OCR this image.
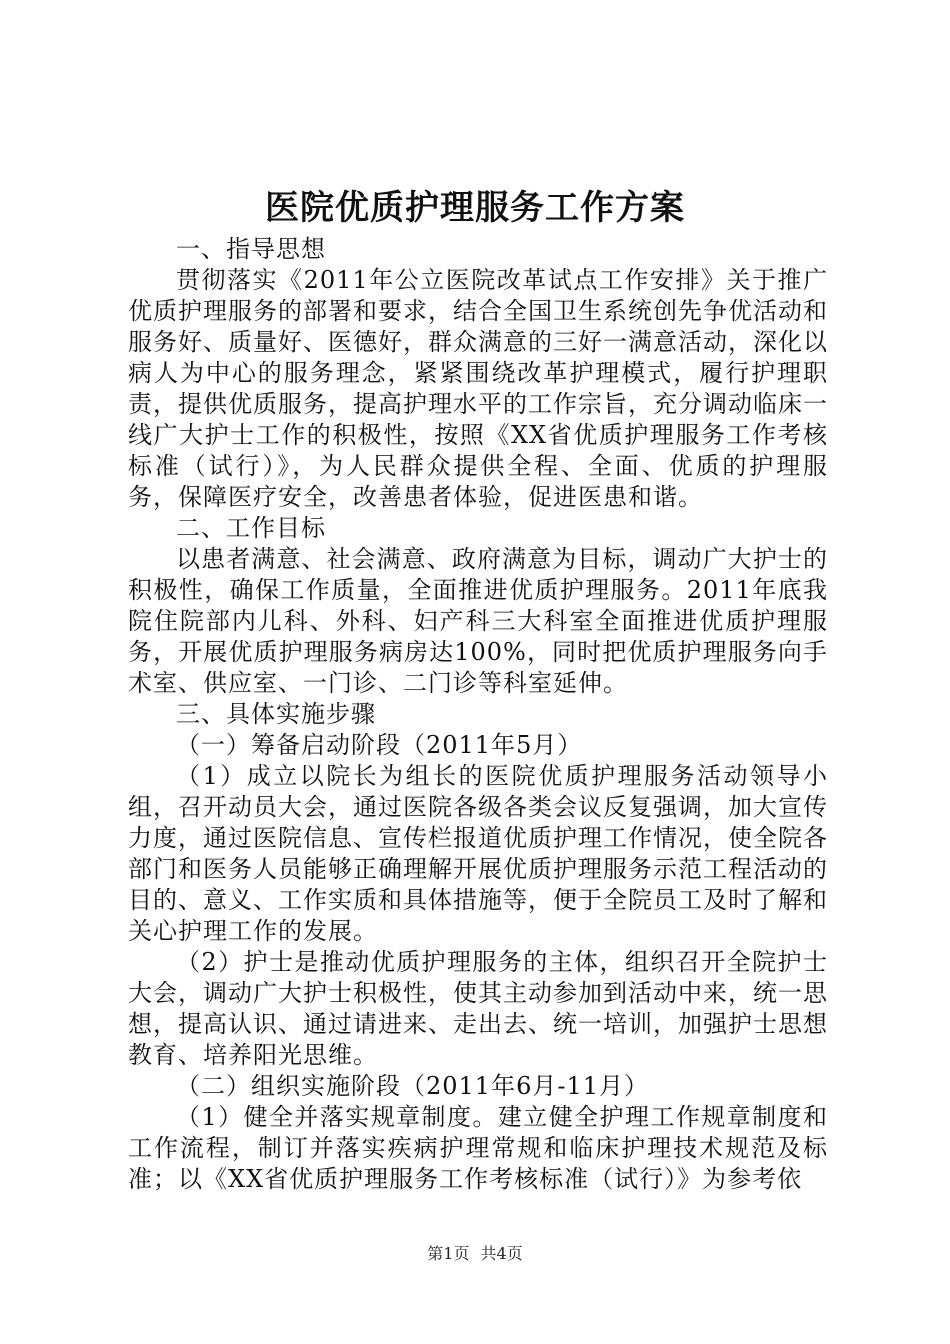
医院优质护理服务工作方案

一、指导思想

贯彻落实《2011年公立医院改革试点工作安排》关于推广优质护理服务的部署和要求，结合全国卫生系统创先争优活动和服务好、质量好、医德好，群众满意的三好一满意活动，深化以病人为中心的服务理念，紧紧围绕改革护理模式，履行护理职责，提供优质服务，提高护理水平的工作宗旨，充分调动临床一线广大护士工作的积极性，按照《XX省优质护理服务工作考核标准（试行）》，为人民群众提供全程、全面、优质的护理服务，保障医疗安全，改善患者体验，促进医患和谐。

二、工作目标

以患者满意、社会满意、政府满意为目标，调动广大护士的积极性，确保工作质量，全面推进优质护理服务。2011年底我院住院部内儿科、外科、妇产科三大科室全面推进优质护理服务，开展优质护理服务病房达100%，同时把优质护理服务向手术室、供应室、一门诊、二门诊等科室延伸。

三、具体实施步骤

（一）筹备启动阶段（2011年5月）

（1）成立以院长为组长的医院优质护理服务活动领导小组，召开动员大会，通过医院各级各类会议反复强调，加大宣传力度，通过医院信息、宣传栏报道优质护理工作情况，使全院各部门和医务人员能够正确理解开展优质护理服务示范工程活动的目的、意义、工作实质和具体措施等，便于全院员工及时了解和关心护理工作的发展。

（2）护士是推动优质护理服务的主体，组织召开全院护士大会，调动广大护士积极性，使其主动参加到活动中来，统一思想，提高认识、通过请进来、走出去、统一培训，加强护士思想教育、培养阳光思维。

（二）组织实施阶段（2011年6月-11月）

（1）健全并落实规章制度。建立健全护理工作规章制度和工作流程，制订并落实疾病护理常规和临床护理技术规范及标准；以《XX省优质护理服务工作考核标准（试行）》为参考依

第1页 共4页
